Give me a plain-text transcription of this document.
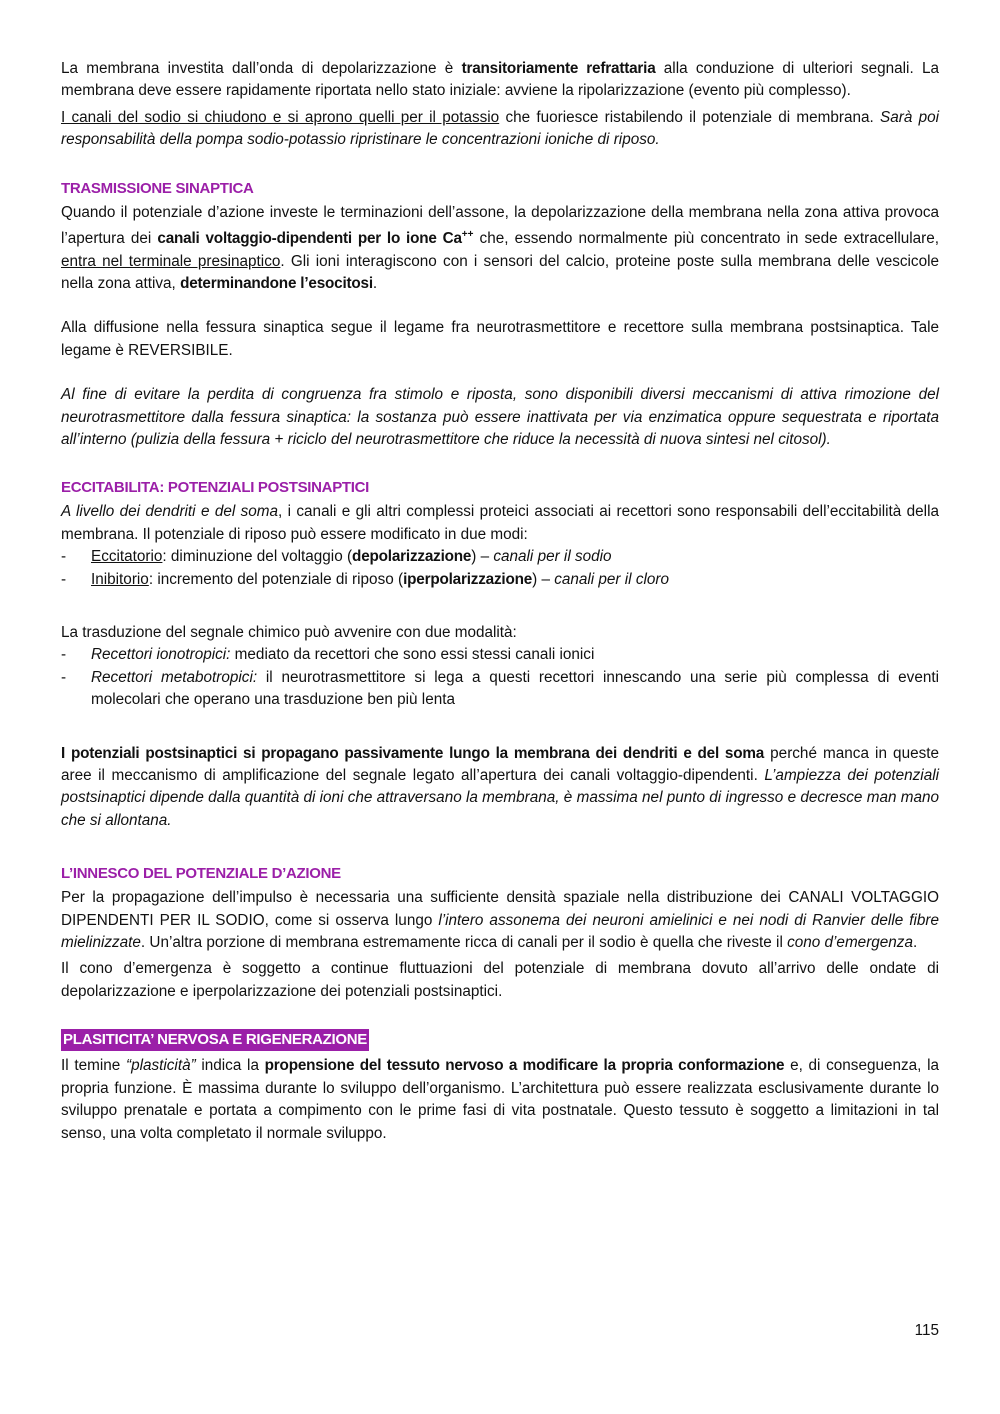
La membrana investita dall’onda di depolarizzazione è transitoriamente refrattaria alla conduzione di ulteriori segnali. La membrana deve essere rapidamente riportata nello stato iniziale: avviene la ripolarizzazione (evento più complesso).

I canali del sodio si chiudono e si aprono quelli per il potassio che fuoriesce ristabilendo il potenziale di membrana. Sarà poi responsabilità della pompa sodio-potassio ripristinare le concentrazioni ioniche di riposo.

TRASMISSIONE SINAPTICA

Quando il potenziale d’azione investe le terminazioni dell’assone, la depolarizzazione della membrana nella zona attiva provoca l’apertura dei canali voltaggio-dipendenti per lo ione Ca++ che, essendo normalmente più concentrato in sede extracellulare, entra nel terminale presinaptico. Gli ioni interagiscono con i sensori del calcio, proteine poste sulla membrana delle vescicole nella zona attiva, determinandone l’esocitosi.

Alla diffusione nella fessura sinaptica segue il legame fra neurotrasmettitore e recettore sulla membrana postsinaptica. Tale legame è REVERSIBILE.

Al fine di evitare la perdita di congruenza fra stimolo e riposta, sono disponibili diversi meccanismi di attiva rimozione del neurotrasmettitore dalla fessura sinaptica: la sostanza può essere inattivata per via enzimatica oppure sequestrata e riportata all’interno (pulizia della fessura + riciclo del neurotrasmettitore che riduce la necessità di nuova sintesi nel citosol).

ECCITABILITA: POTENZIALI POSTSINAPTICI

A livello dei dendriti e del soma, i canali e gli altri complessi proteici associati ai recettori sono responsabili dell’eccitabilità della membrana. Il potenziale di riposo può essere modificato in due modi:

- Eccitatorio: diminuzione del voltaggio (depolarizzazione) – canali per il sodio
- Inibitorio: incremento del potenziale di riposo (iperpolarizzazione) – canali per il cloro

La trasduzione del segnale chimico può avvenire con due modalità:

- Recettori ionotropici: mediato da recettori che sono essi stessi canali ionici
- Recettori metabotropici: il neurotrasmettitore si lega a questi recettori innescando una serie più complessa di eventi molecolari che operano una trasduzione ben più lenta

I potenziali postsinaptici si propagano passivamente lungo la membrana dei dendriti e del soma perché manca in queste aree il meccanismo di amplificazione del segnale legato all’apertura dei canali voltaggio-dipendenti. L’ampiezza dei potenziali postsinaptici dipende dalla quantità di ioni che attraversano la membrana, è massima nel punto di ingresso e decresce man mano che si allontana.

L’INNESCO DEL POTENZIALE D’AZIONE

Per la propagazione dell’impulso è necessaria una sufficiente densità spaziale nella distribuzione dei CANALI VOLTAGGIO DIPENDENTI PER IL SODIO, come si osserva lungo l’intero assonema dei neuroni amielinici e nei nodi di Ranvier delle fibre mielinizzate. Un’altra porzione di membrana estremamente ricca di canali per il sodio è quella che riveste il cono d’emergenza.

Il cono d’emergenza è soggetto a continue fluttuazioni del potenziale di membrana dovuto all’arrivo delle ondate di depolarizzazione e iperpolarizzazione dei potenziali postsinaptici.

PLASITICITA’ NERVOSA E RIGENERAZIONE

Il temine “plasticità” indica la propensione del tessuto nervoso a modificare la propria conformazione e, di conseguenza, la propria funzione. È massima durante lo sviluppo dell’organismo. L’architettura può essere realizzata esclusivamente durante lo sviluppo prenatale e portata a compimento con le prime fasi di vita postnatale. Questo tessuto è soggetto a limitazioni in tal senso, una volta completato il normale sviluppo.

115
